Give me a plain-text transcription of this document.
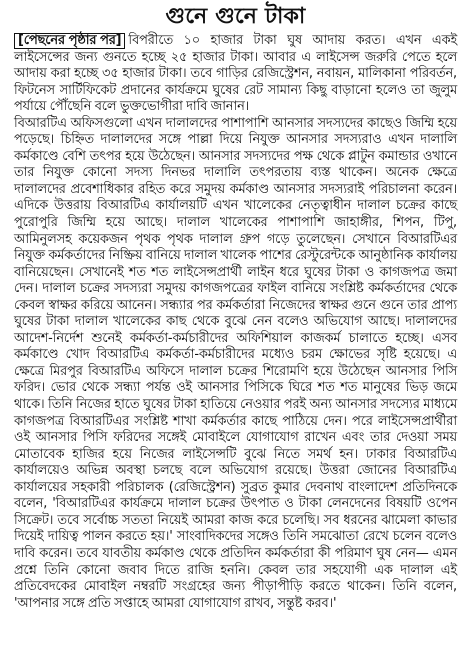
গুনে গুনে টাকা

[পেছনের পৃষ্ঠার পর] বিপরীতে ১০ হাজার টাকা ঘুষ আদায় করত। এখন একই লাইসেন্সের জন্য গুনতে হচ্ছে ২৫ হাজার টাকা। আবার এ লাইসেন্স জরুরি পেতে হলে আদায় করা হচ্ছে ৩৫ হাজার টাকা। তবে গাড়ির রেজিস্ট্রেশন, নবায়ন, মালিকানা পরিবর্তন, ফিটনেস সার্টিফিকেট প্রদানের কার্যক্রমে ঘুষের রেট সামান্য কিছু বাড়ানো হলেও তা জুলুম পর্যায়ে পৌঁছেনি বলে ভুক্তভোগীরা দাবি জানান।

বিআরটিএ অফিসগুলো এখন দালালদের পাশাপাশি আনসার সদস্যদের কাছেও জিম্মি হয়ে পড়েছে। চিহ্নিত দালালদের সঙ্গে পাল্লা দিয়ে নিযুক্ত আনসার সদস্যরাও এখন দালালি কর্মকাণ্ডে বেশি তৎপর হয়ে উঠেছেন। আনসার সদস্যদের পক্ষ থেকে প্লাটুন কমান্ডার ওখানে তার নিযুক্ত কোনো সদস্য দিনভর দালালি তৎপরতায় ব্যস্ত থাকেন। অনেক ক্ষেত্রে দালালদের প্রবেশাধিকার রহিত করে সমুদয় কর্মকাণ্ড আনসার সদস্যরাই পরিচালনা করেন। এদিকে উত্তরায় বিআরটিএ কার্যালয়টি এখন খালেকের নেতৃত্বাধীন দালাল চক্রের কাছে পুরোপুরি জিম্মি হয়ে আছে। দালাল খালেকের পাশাপাশি জাহাঙ্গীর, শিপন, টিপু, আমিনুলসহ কয়েকজন পৃথক পৃথক দালাল গ্রুপ গড়ে তুলেছেন। সেখানে বিআরটিএর নিযুক্ত কর্মকর্তাদের নিষ্ক্রিয় বানিয়ে দালাল খালেক পাশের রেস্টুরেন্টকে আনুষ্ঠানিক কার্যালয় বানিয়েছেন। সেখানেই শত শত লাইসেন্সপ্রার্থী লাইন ধরে ঘুষের টাকা ও কাগজপত্র জমা দেন। দালাল চক্রের সদস্যরা সমুদয় কাগজপত্রের ফাইল বানিয়ে সংশ্লিষ্ট কর্মকর্তাদের থেকে কেবল স্বাক্ষর করিয়ে আনেন। সন্ধ্যার পর কর্মকর্তারা নিজেদের স্বাক্ষর গুনে গুনে তার প্রাপ্য ঘুষের টাকা দালাল খালেকের কাছ থেকে বুঝে নেন বলেও অভিযোগ আছে। দালালদের আদেশ-নির্দেশ শুনেই কর্মকর্তা-কর্মচারীদের অফিশিয়াল কাজকর্ম চালাতে হচ্ছে। এসব কর্মকাণ্ডে খোদ বিআরটিএ কর্মকর্তা-কর্মচারীদের মধ্যেও চরম ক্ষোভের সৃষ্টি হয়েছে। এ ক্ষেত্রে মিরপুর বিআরটিএ অফিসে দালাল চক্রের শিরোমণি হয়ে উঠেছেন আনসার পিসি ফরিদ। ভোর থেকে সন্ধ্যা পর্যন্ত ওই আনসার পিসিকে ঘিরে শত শত মানুষের ভিড় জমে থাকে। তিনি নিজের হাতে ঘুষের টাকা হাতিয়ে নেওয়ার পরই অন্য আনসার সদস্যের মাধ্যমে কাগজপত্র বিআরটিএর সংশ্লিষ্ট শাখা কর্মকর্তার কাছে পাঠিয়ে দেন। পরে লাইসেন্সপ্রার্থীরা ওই আনসার পিসি ফরিদের সঙ্গেই মোবাইলে যোগাযোগ রাখেন এবং তার দেওয়া সময় মোতাবেক হাজির হয়ে নিজের লাইসেন্সটি বুঝে নিতে সমর্থ হন। ঢাকার বিআরটিএ কার্যালয়েও অভিন্ন অবস্থা চলছে বলে অভিযোগ রয়েছে। উত্তরা জোনের বিআরটিএ কার্যালয়ের সহকারী পরিচালক (রেজিস্ট্রেশন) সুব্রত কুমার দেবনাথ বাংলাদেশ প্রতিদিনকে বলেন, 'বিআরটিএর কার্যক্রমে দালাল চক্রের উৎপাত ও টাকা লেনদেনের বিষয়টি ওপেন সিক্রেট। তবে সর্বোচ্চ সততা নিয়েই আমরা কাজ করে চলেছি। সব ধরনের ঝামেলা কাভার দিয়েই দায়িত্ব পালন করতে হয়।' সাংবাদিকদের সঙ্গেও তিনি সমঝোতা রেখে চলেন বলেও দাবি করেন। তবে যাবতীয় কর্মকাণ্ড থেকে প্রতিদিন কর্মকর্তারা কী পরিমাণ ঘুষ নেন— এমন প্রশ্নে তিনি কোনো জবাব দিতে রাজি হননি। কেবল তার সহযোগী এক দালাল এই প্রতিবেদকের মোবাইল নম্বরটি সংগ্রহের জন্য পীড়াপীড়ি করতে থাকেন। তিনি বলেন, 'আপনার সঙ্গে প্রতি সপ্তাহে আমরা যোগাযোগ রাখব, সন্তুষ্ট করব।'
